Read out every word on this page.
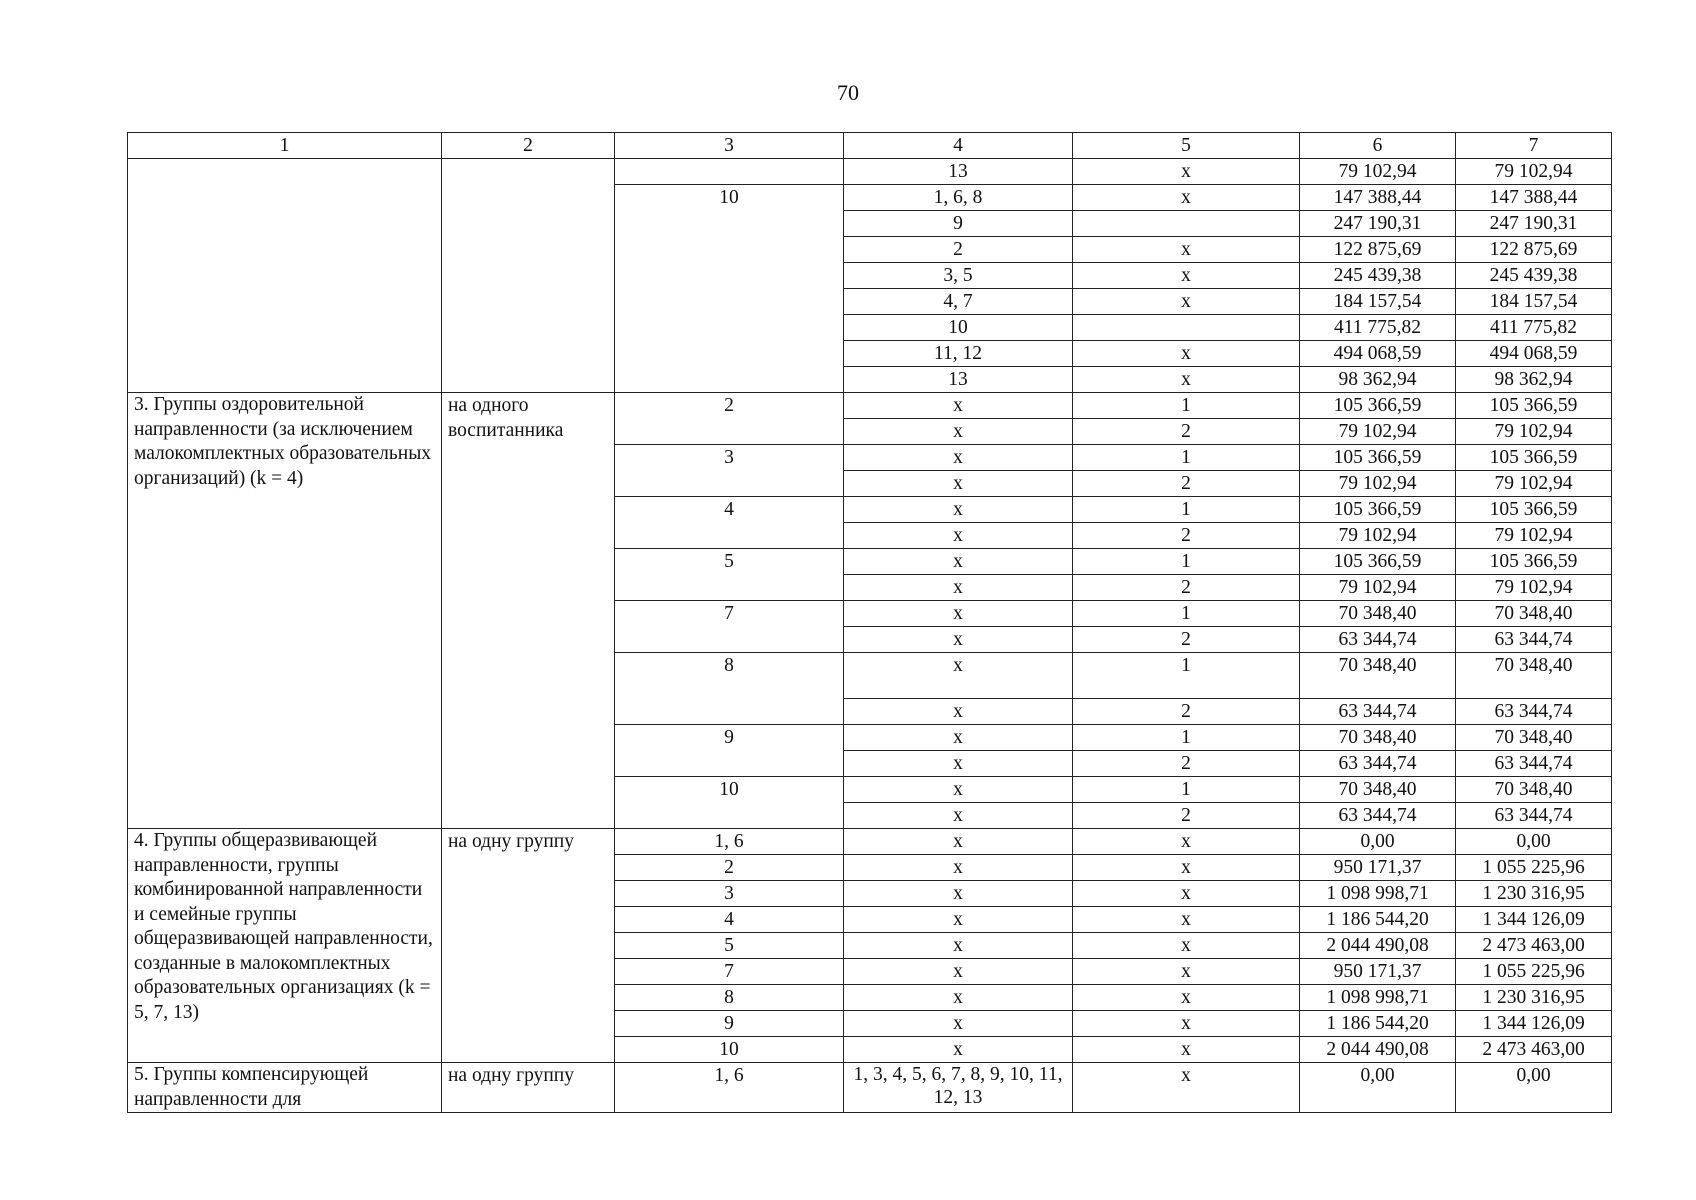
70
1	2	3	4	5	6	7
			13	x	79 102,94	79 102,94
		10	1, 6, 8	x	147 388,44	147 388,44
			9		247 190,31	247 190,31
			2	x	122 875,69	122 875,69
			3, 5	x	245 439,38	245 439,38
			4, 7	x	184 157,54	184 157,54
			10		411 775,82	411 775,82
			11, 12	x	494 068,59	494 068,59
			13	x	98 362,94	98 362,94
3. Группы оздоровительной направленности (за исключением малокомплектных образовательных организаций) (k = 4)	на одного воспитанника	2	x	1	105 366,59	105 366,59
			x	2	79 102,94	79 102,94
		3	x	1	105 366,59	105 366,59
			x	2	79 102,94	79 102,94
		4	x	1	105 366,59	105 366,59
			x	2	79 102,94	79 102,94
		5	x	1	105 366,59	105 366,59
			x	2	79 102,94	79 102,94
		7	x	1	70 348,40	70 348,40
			x	2	63 344,74	63 344,74
		8	x	1	70 348,40	70 348,40
			x	2	63 344,74	63 344,74
		9	x	1	70 348,40	70 348,40
			x	2	63 344,74	63 344,74
		10	x	1	70 348,40	70 348,40
			x	2	63 344,74	63 344,74
4. Группы общеразвивающей направленности, группы комбинированной направленности и семейные группы общеразвивающей направленности, созданные в малокомплектных образовательных организациях (k = 5, 7, 13)	на одну группу	1, 6	x	x	0,00	0,00
		2	x	x	950 171,37	1 055 225,96
		3	x	x	1 098 998,71	1 230 316,95
		4	x	x	1 186 544,20	1 344 126,09
		5	x	x	2 044 490,08	2 473 463,00
		7	x	x	950 171,37	1 055 225,96
		8	x	x	1 098 998,71	1 230 316,95
		9	x	x	1 186 544,20	1 344 126,09
		10	x	x	2 044 490,08	2 473 463,00
5. Группы компенсирующей направленности для	на одну группу	1, 6	1, 3, 4, 5, 6, 7, 8, 9, 10, 11, 12, 13	x	0,00	0,00
